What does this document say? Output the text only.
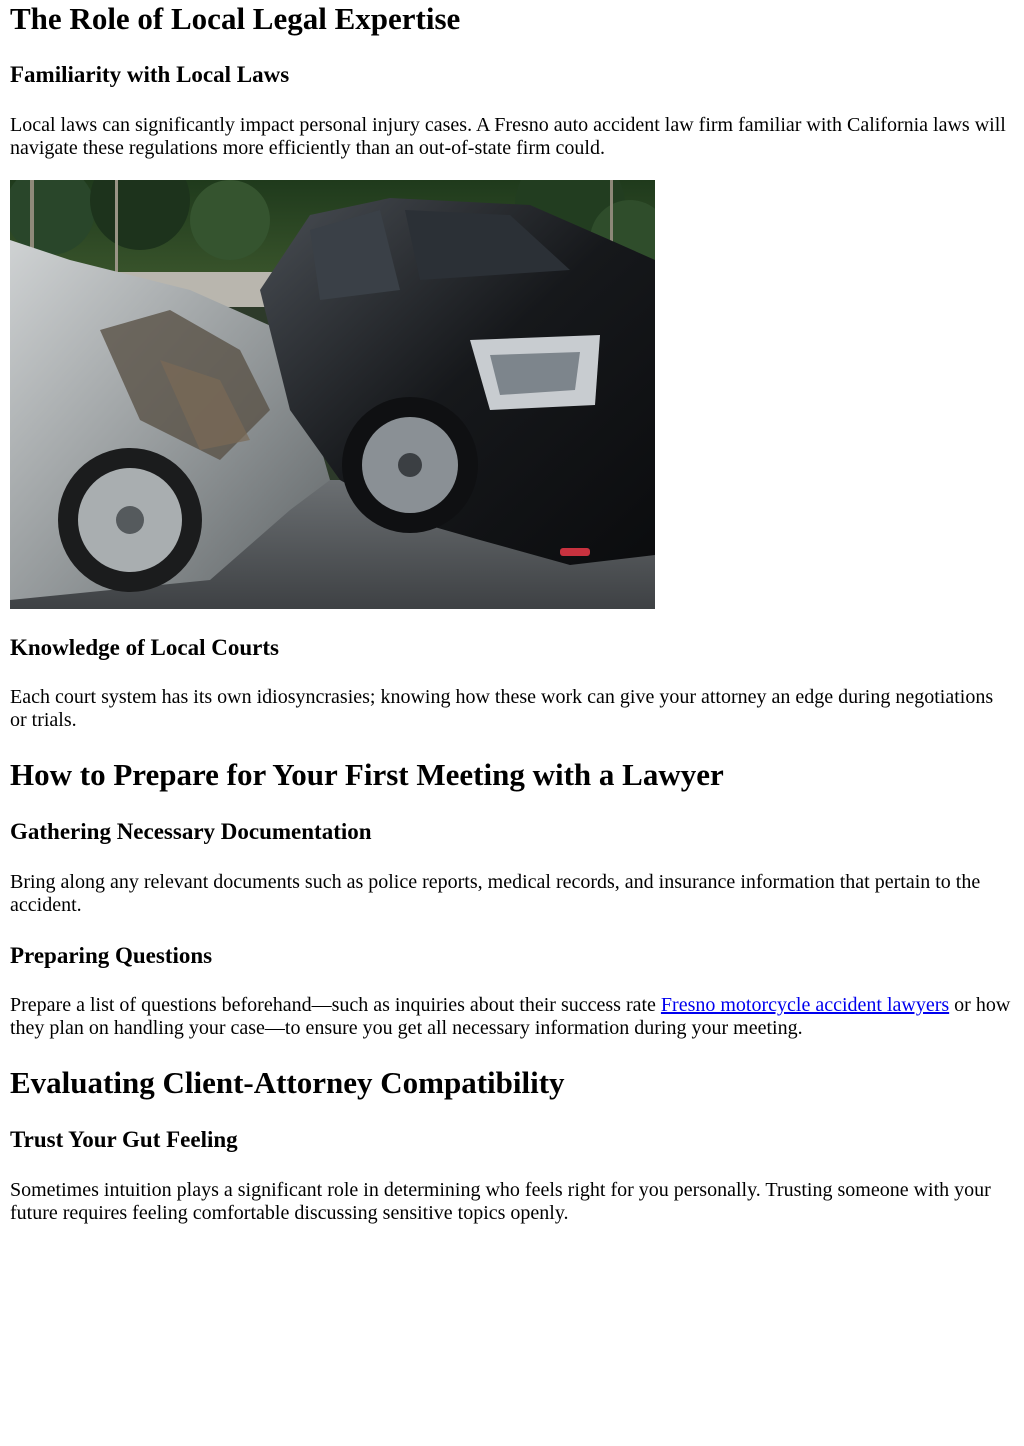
The Role of Local Legal Expertise
Familiarity with Local Laws

Local laws can significantly impact personal injury cases. A Fresno auto accident law firm familiar with California laws will navigate these regulations more efficiently than an out-of-state firm could.

Knowledge of Local Courts

Each court system has its own idiosyncrasies; knowing how these work can give your attorney an edge during negotiations or trials.

How to Prepare for Your First Meeting with a Lawyer
Gathering Necessary Documentation

Bring along any relevant documents such as police reports, medical records, and insurance information that pertain to the accident.

Preparing Questions

Prepare a list of questions beforehand—such as inquiries about their success rate Fresno motorcycle accident lawyers or how they plan on handling your case—to ensure you get all necessary information during your meeting.

Evaluating Client-Attorney Compatibility
Trust Your Gut Feeling

Sometimes intuition plays a significant role in determining who feels right for you personally. Trusting someone with your future requires feeling comfortable discussing sensitive topics openly.
